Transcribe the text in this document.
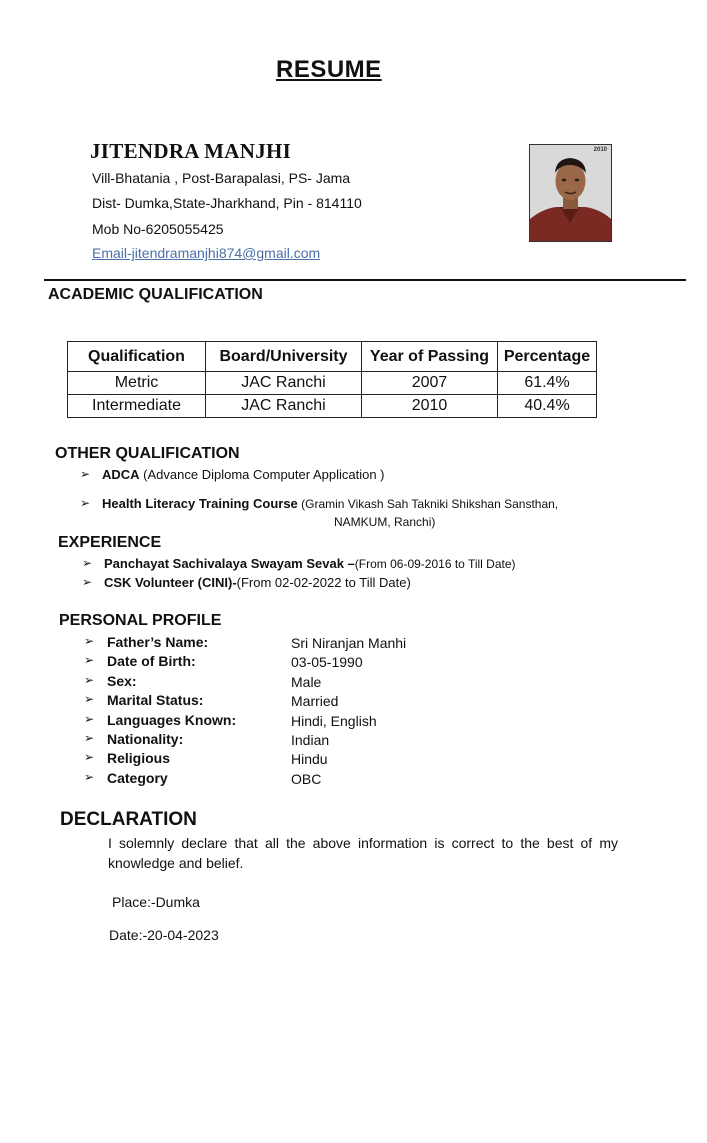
RESUME
JITENDRA MANJHI
Vill-Bhatania , Post-Barapalasi, PS- Jama
Dist- Dumka,State-Jharkhand, Pin - 814110
Mob No-6205055425
Email-jitendramanjhi874@gmail.com
2010
ACADEMIC QUALIFICATION
Qualification	Board/University	Year of Passing	Percentage
Metric	JAC Ranchi	2007	61.4%
Intermediate	JAC Ranchi	2010	40.4%
OTHER QUALIFICATION
➢ ADCA (Advance Diploma Computer Application )
➢ Health Literacy Training Course (Gramin Vikash Sah Takniki Shikshan Sansthan,
NAMKUM, Ranchi)
EXPERIENCE
➢ Panchayat Sachivalaya Swayam Sevak –(From 06-09-2016 to Till Date)
➢ CSK Volunteer (CINI)-(From 02-02-2022 to Till Date)
PERSONAL PROFILE
➢ Father’s Name:	Sri Niranjan Manhi
➢ Date of Birth:	03-05-1990
➢ Sex:	Male
➢ Marital Status:	Married
➢ Languages Known:	Hindi, English
➢ Nationality:	Indian
➢ Religious	Hindu
➢ Category	OBC
DECLARATION
I solemnly declare that all the above information is correct to the best of my knowledge and belief.
Place:-Dumka
Date:-20-04-2023
